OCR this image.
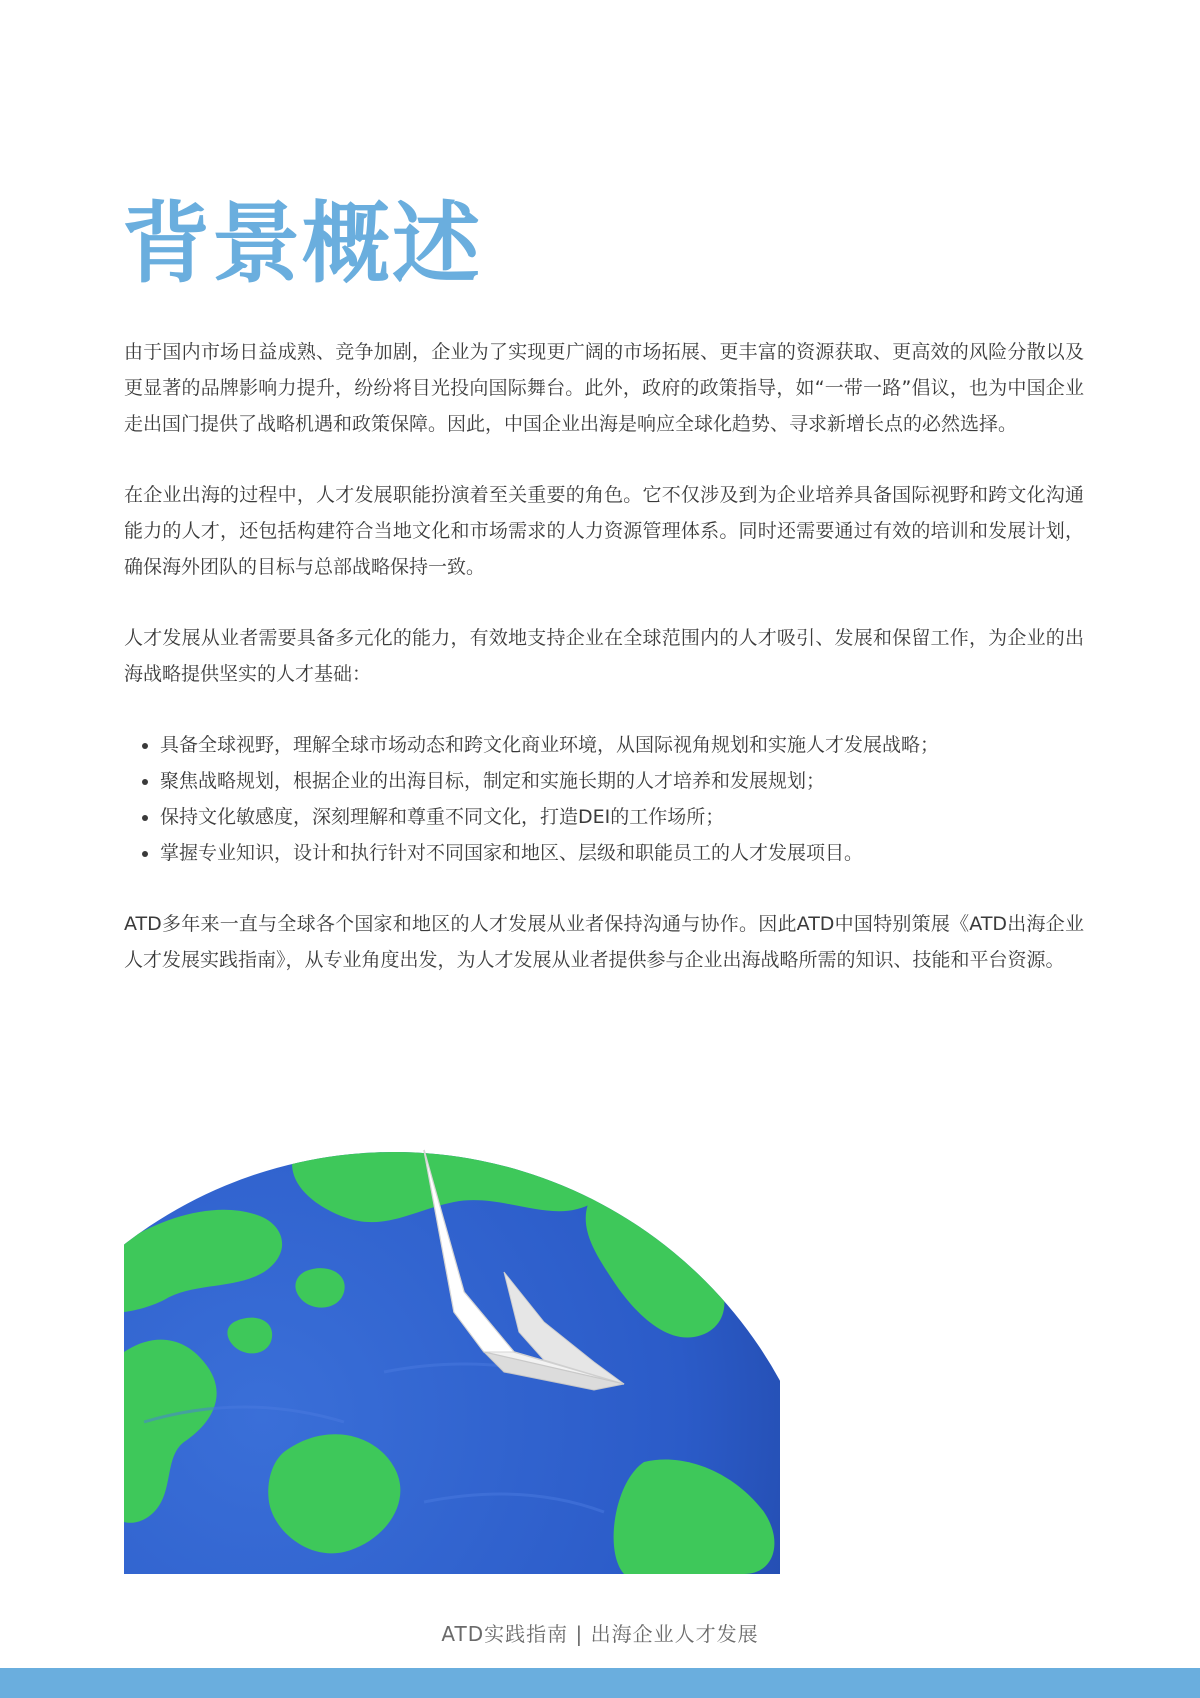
背景概述

由于国内市场日益成熟、竞争加剧，企业为了实现更广阔的市场拓展、更丰富的资源获取、更高效的风险分散以及更显著的品牌影响力提升，纷纷将目光投向国际舞台。此外，政府的政策指导，如“一带一路”倡议，也为中国企业走出国门提供了战略机遇和政策保障。因此，中国企业出海是响应全球化趋势、寻求新增长点的必然选择。

在企业出海的过程中，人才发展职能扮演着至关重要的角色。它不仅涉及到为企业培养具备国际视野和跨文化沟通能力的人才，还包括构建符合当地文化和市场需求的人力资源管理体系。同时还需要通过有效的培训和发展计划，确保海外团队的目标与总部战略保持一致。

人才发展从业者需要具备多元化的能力，有效地支持企业在全球范围内的人才吸引、发展和保留工作，为企业的出海战略提供坚实的人才基础：

• 具备全球视野，理解全球市场动态和跨文化商业环境，从国际视角规划和实施人才发展战略；
• 聚焦战略规划，根据企业的出海目标，制定和实施长期的人才培养和发展规划；
• 保持文化敏感度，深刻理解和尊重不同文化，打造DEI的工作场所；
• 掌握专业知识，设计和执行针对不同国家和地区、层级和职能员工的人才发展项目。

ATD多年来一直与全球各个国家和地区的人才发展从业者保持沟通与协作。因此ATD中国特别策展《ATD出海企业人才发展实践指南》，从专业角度出发，为人才发展从业者提供参与企业出海战略所需的知识、技能和平台资源。

ATD实践指南 | 出海企业人才发展
